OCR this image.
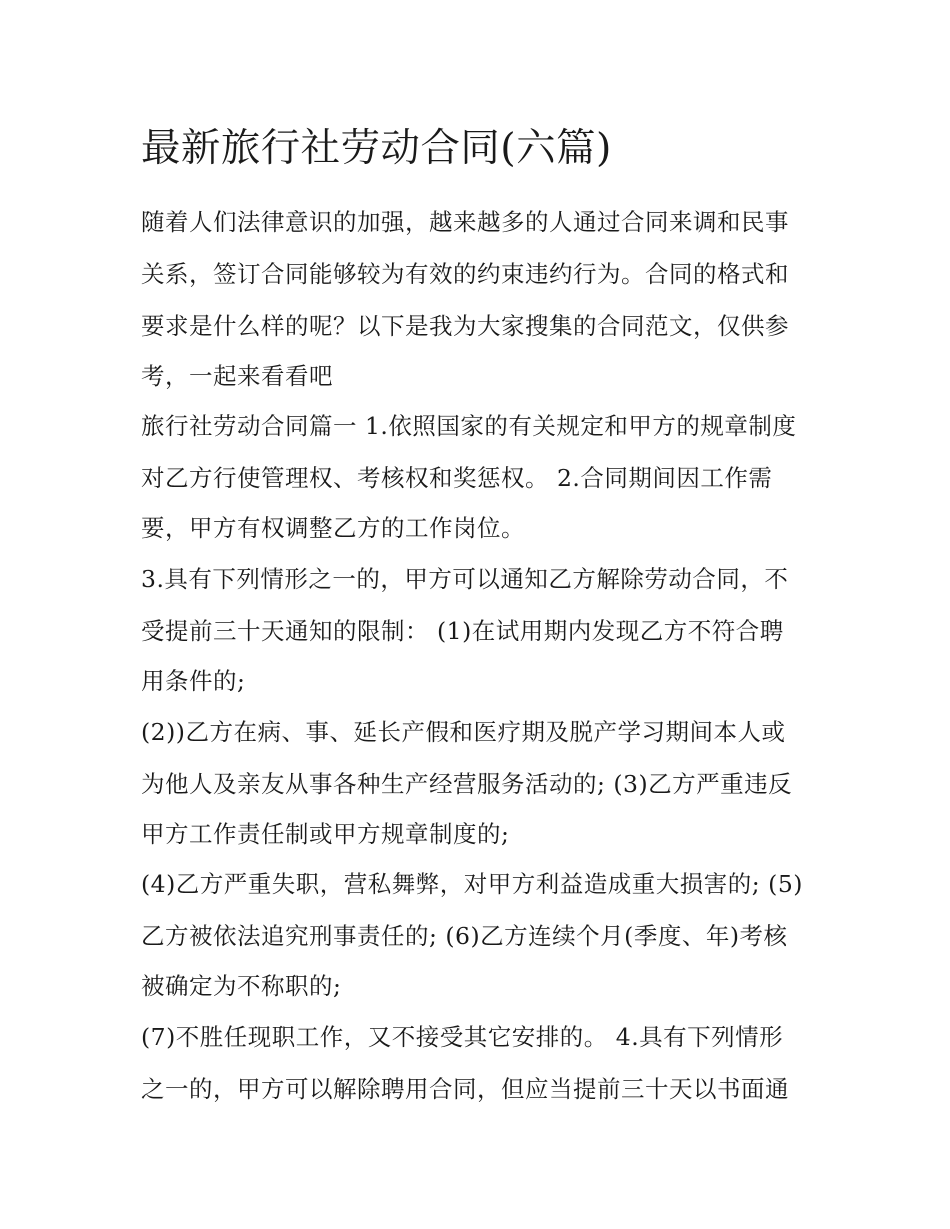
最新旅行社劳动合同(六篇)
随着人们法律意识的加强，越来越多的人通过合同来调和民事
关系，签订合同能够较为有效的约束违约行为。合同的格式和
要求是什么样的呢？以下是我为大家搜集的合同范文，仅供参
考，一起来看看吧
旅行社劳动合同篇一 1.依照国家的有关规定和甲方的规章制度
对乙方行使管理权、考核权和奖惩权。 2.合同期间因工作需
要，甲方有权调整乙方的工作岗位。
3.具有下列情形之一的，甲方可以通知乙方解除劳动合同，不
受提前三十天通知的限制： (1)在试用期内发现乙方不符合聘
用条件的;
(2))乙方在病、事、延长产假和医疗期及脱产学习期间本人或
为他人及亲友从事各种生产经营服务活动的; (3)乙方严重违反
甲方工作责任制或甲方规章制度的;
(4)乙方严重失职，营私舞弊，对甲方利益造成重大损害的; (5)
乙方被依法追究刑事责任的; (6)乙方连续个月(季度、年)考核
被确定为不称职的;
(7)不胜任现职工作，又不接受其它安排的。 4.具有下列情形
之一的，甲方可以解除聘用合同，但应当提前三十天以书面通
